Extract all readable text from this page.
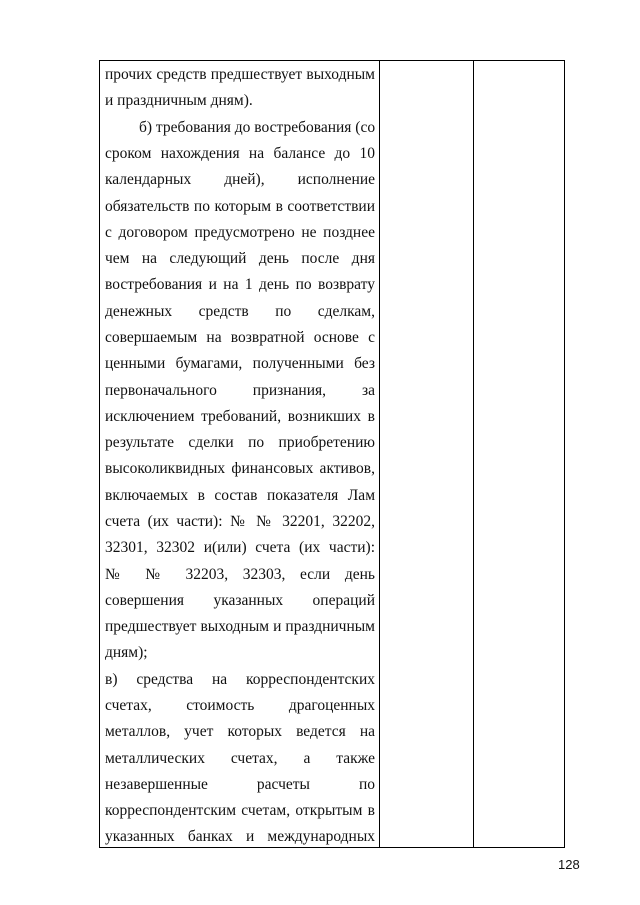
прочих средств предшествует выходным
и праздничным дням).
б) требования до востребования (со
сроком нахождения на балансе до 10
календарных дней), исполнение
обязательств по которым в соответствии
с договором предусмотрено не позднее
чем на следующий день после дня
востребования и на 1 день по возврату
денежных средств по сделкам,
совершаемым на возвратной основе с
ценными бумагами, полученными без
первоначального признания, за
исключением требований, возникших в
результате сделки по приобретению
высоколиквидных финансовых активов,
включаемых в состав показателя Лам
счета (их части): № № 32201, 32202,
32301, 32302 и(или) счета (их части):
№ № 32203, 32303, если день
совершения указанных операций
предшествует выходным и праздничным
дням);
в) средства на корреспондентских
счетах, стоимость драгоценных
металлов, учет которых ведется на
металлических счетах, а также
незавершенные расчеты по
корреспондентским счетам, открытым в
указанных банках и международных
128
